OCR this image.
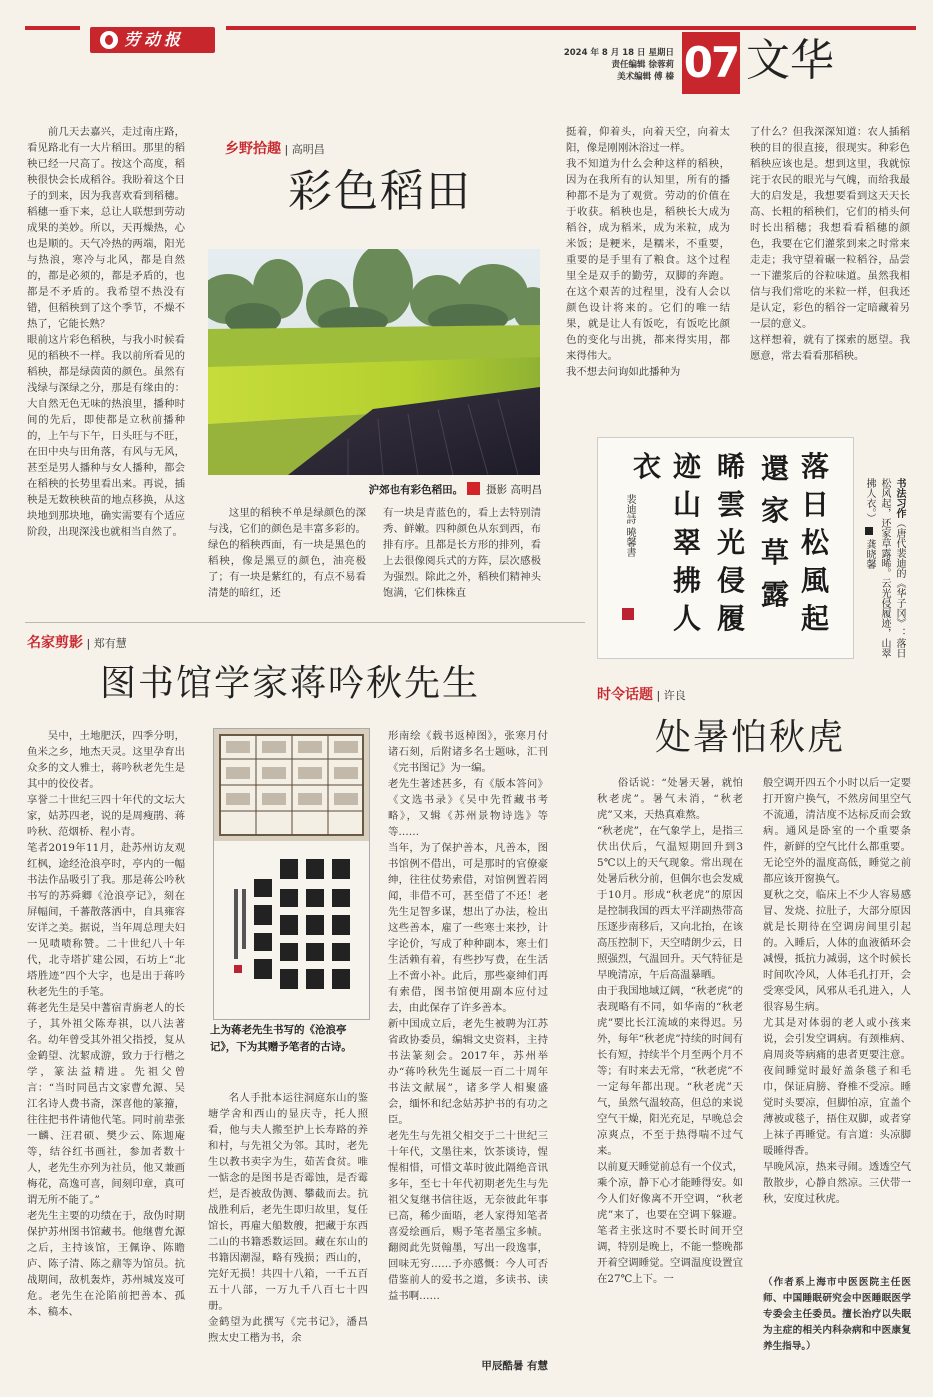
劳动报
2024 年 8 月 18 日 星期日
责任编辑 徐蓉莉
美术编辑 傅 榛 07 文华
前几天去嘉兴，走过南庄路，看见路北有一大片稻田。那里的稻秧已经一尺高了。按这个高度，稻秧很快会长成稻谷。我盼着这个日子的到来，因为我喜欢看到稻穗。稻穗一垂下来，总让人联想到劳动成果的美妙。所以，天再燥热，心也是顺的。天气冷热的两端，阳光与热浪，寒冷与北风，都是自然的，都是必须的，都是矛盾的，也都是不矛盾的。我希望不热没有错，但稻秧到了这个季节，不燥不热了，它能长熟？
眼前这片彩色稻秧，与我小时候看见的稻秧不一样。我以前所看见的稻秧，都是绿茵茵的颜色。虽然有浅绿与深绿之分，那是有缘由的：大自然无色无味的热浪里，播种时间的先后，即使都是立秋前播种的，上午与下午，日头旺与不旺，在田中央与田角落，有风与无风，甚至是男人播种与女人播种，都会在稻秧的长势里看出来。再说，插秧是无数秧秧苗的地点移换，从这块地到那块地，确实需要有个适应阶段，出现深浅也就相当自然了。
乡野拾趣 | 高明昌
彩色稻田
沪郊也有彩色稻田。 摄影 高明昌
这里的稻秧不单是绿颜色的深与浅，它们的颜色是丰富多彩的。绿色的稻秧西面，有一块是黑色的稻秧，像是黑豆的颜色，油亮极了；有一块是紫红的，有点不易看清楚的暗红，还
有一块是青蓝色的，看上去特别清秀、鲜嫩。四种颜色从东到西，布排有序。且都是长方形的排列，看上去很像阅兵式的方阵，层次感极为强烈。除此之外，稻秧们精神头饱满，它们株株直
挺着，仰着头，向着天空，向着太阳，像是刚刚沐浴过一样。
我不知道为什么会种这样的稻秧，因为在我所有的认知里，所有的播种都不是为了观赏。劳动的价值在于收获。稻秧也是，稻秧长大成为稻谷，成为稻米，成为米粒，成为米饭；是粳米，是糯米，不重要，重要的是手里有了粮食。这个过程里全是双手的勤劳，双脚的奔跑。在这个艰苦的过程里，没有人会以颜色设计将来的。它们的唯一结果，就是让人有饭吃，有饭吃比颜色的变化与出挑，都来得实用，都来得伟大。
我不想去问询如此播种为
了什么？但我深深知道：农人插稻秧的目的很直接，很现实。种彩色稻秧应该也是。想到这里，我就惊诧于农民的眼光与气魄，而给我最大的启发是，我想要看到这天天长高、长粗的稻秧们，它们的梢头何时长出稻穗；我想看看稻穗的颜色，我要在它们灌浆到来之时常来走走；我守望着碾一粒稻谷，品尝一下灌浆后的谷粒味道。虽然我相信与我们常吃的米粒一样，但我还是认定，彩色的稻谷一定暗藏着另一层的意义。
这样想着，就有了探索的愿望。我愿意，常去看看那稻秧。
落日松風起
還家草露
晞雲光侵履
迹山翠拂人
衣
裴迪詩 曉馨書	书法习作（唐代裴迪的《华子冈》：落日松风起，还家草露晞。云光侵履迹，山翠拂人衣。）龚晓馨
名家剪影 | 郑有慧
图书馆学家蒋吟秋先生
吴中，土地肥沃，四季分明，鱼米之乡，地杰天灵。这里孕育出众多的文人雅士，蒋吟秋老先生是其中的佼佼者。
享誉二十世纪三四十年代的文坛大家，姑苏四老，说的是周瘦鹃、蒋吟秋、范烟桥、程小青。
笔者2019年11月，赴苏州访友观红枫，途经沧浪亭时，亭内的一幅书法作品吸引了我。那是蒋公吟秋书写的苏舜卿《沧浪亭记》，刻在屏幅间，千蕃散落洒中，自具雍容安详之美。据说，当年周总理夫妇一见啧啧称赞。二十世纪八十年代，北寺塔扩建公园，石坊上“北塔胜迹”四个大字，也是出于蒋吟秋老先生的手笔。
蒋老先生是吴中蓍宿青旃老人的长子，其外祖父陈寿祺，以八法著名。幼年曾受其外祖父指授，复从金鹤望、沈絜成游，致力于行楷之学，篆法益精进。先祖父曾言：“当时同邑古文家曹允源、吴江名诗人费书斋，深喜他的篆籀，往往把书件请他代笔。同时前辈张一麟、汪君硕、樊少云、陈迦庵等，结谷红书画社，参加者数十人，老先生亦列为社员，他又兼画梅花，高逸可喜，间刻印章，真可谓无所不能了。”
老先生主要的功绩在于，敌伪时期保护苏州图书馆藏书。他继曹允源之后，主持该馆，王佩诤、陈瞻庐、陈子清、陈之鼐等为馆员。抗战期间，敌机轰炸，苏州城岌岌可危。老先生在沦陷前把善本、孤本、稿本、
上为蒋老先生书写的《沧浪亭记》，下为其赠予笔者的古诗。
名人手批本运往洞庭东山的鉴塘学舍和西山的显庆寺，托人照看，他与夫人搬至护上长寿路的养和村，与先祖父为邻。其时，老先生以教书卖字为生，茹苦食贫。唯一惦念的是图书是否霉蚀，是否霉烂，是否被敌伪测、攀截而去。抗战胜利后，老先生即归故里，复任馆长，再雇大船数艘，把藏于东西二山的书籍悉数运回。藏在东山的书籍因潮湿，略有残损；西山的，完好无损！共四十八箱，一千五百五十八部，一万九千八百七十四册。
金鹤望为此撰写《完书记》，潘昌煦太史工楷为书，余
形南绘《载书返棹图》，张寒月付诸石刻，后附诸多名士题咏，汇刊《完书图记》为一编。
老先生著述甚多，有《版本答问》《文选书录》《吴中先哲藏书考略》，又辑《苏州景物诗选》等等……
当年，为了保护善本，凡善本，图书馆例不借出，可是那时的官僚豪绅，往往仗势索借，对馆例置若罔闻，非借不可，甚至借了不还！老先生足智多谋，想出了办法，检出这些善本，雇了一些寒士来抄，计字论价，写成了种种副本，寒士们生活赖有着，有些抄写费，在生活上不啻小补。此后，那些豪绅们再有索借，图书馆便用副本应付过去，由此保存了许多善本。
新中国成立后，老先生被聘为江苏省政协委员，编辑文史资料，主持书法篆刻会。2017年，苏州举办“蒋吟秋先生诞辰一百二十周年书法文献展”，诸多学人相聚盛会，缅怀和纪念姑苏护书的有功之臣。
老先生与先祖父相交于二十世纪三十年代，文墨往来，饮茶谈诗，惺惺相惜，可惜文革时彼此隔绝音讯多年，至七十年代初期老先生与先祖父复继书信往返，无奈彼此年事已高，稀少面晤，老人家得知笔者喜爱绘画后，赐予笔者墨宝多帧。翻阅此先贤翰墨，写出一段逸事，回味无穷……予亦感慨：今人可否借鉴前人的爱书之道，多读书、读益书啊……
甲辰酷暑 有慧
时令话题 | 许良
处暑怕秋虎
俗话说：“处暑天暑，就怕秋老虎”。暑气未消，“秋老虎”又来，天热真难熬。
“秋老虎”，在气象学上，是指三伏出伏后，气温短期回升到35℃以上的天气现象。常出现在处暑后秋分前，但偶尔也会发威于10月。形成“秋老虎”的原因是控制我国的西太平洋副热带高压逐步南移后，又向北抬，在该高压控制下，天空晴朗少云，日照强烈，气温回升。天气特征是早晚清凉，午后高温暴晒。
由于我国地域辽阔，“秋老虎”的表现略有不同，如华南的“秋老虎”要比长江流域的来得迟。另外，每年“秋老虎”持续的时间有长有短，持续半个月至两个月不等；有时来去无常，“秋老虎”不一定每年都出现。“秋老虎”天气，虽然气温较高，但总的来说空气干燥，阳光充足，早晚总会凉爽点，不至于热得喘不过气来。
以前夏天睡觉前总有一个仪式，乘个凉，静下心才能睡得安。如今人们好像离不开空调，“秋老虎”来了，也要在空调下躲避。笔者主张这时不要长时间开空调，特别是晚上，不能一整晚都开着空调睡觉。空调温度设置宜在27℃上下。一
般空调开四五个小时以后一定要打开窗户换气，不然房间里空气不流通，清洁度不达标反而会致病。通风是卧室的一个重要条件，新鲜的空气比什么都重要。无论空外的温度高低，睡觉之前都应该开窗换气。
夏秋之交，临床上不少人容易感冒、发烧、拉肚子，大部分原因就是长期待在空调房间里引起的。入睡后，人体的血液循环会减慢，抵抗力减弱，这个时候长时间吹冷风，人体毛孔打开，会受寒受风，风邪从毛孔进入，人很容易生病。
尤其是对体弱的老人或小孩来说，会引发空调病。有颈椎病、肩周炎等病痛的患者更要注意。夜间睡觉时最好盖条毯子和毛巾，保证肩膀、脊椎不受凉。睡觉时头要凉，但脚怕凉，宜盖个薄被或毯子，捂住双脚，或者穿上袜子再睡觉。有言道：头凉脚暖睡得香。
早晚风凉，热来寻闹。透透空气散散步，心静自然凉。三伏带一秋，安度过秋虎。
（作者系上海市中医医院主任医师、中国睡眠研究会中医睡眠医学专委会主任委员。擅长治疗以失眠为主症的相关内科杂病和中医康复养生指导。）
